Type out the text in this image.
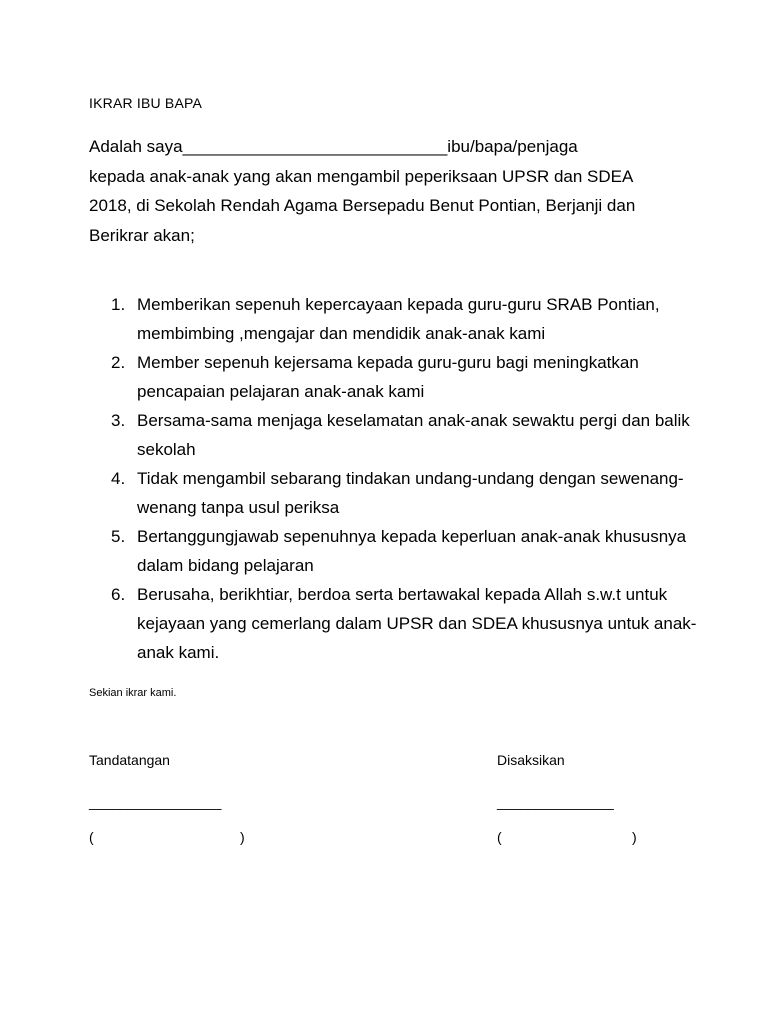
IKRAR IBU BAPA
Adalah saya____________________________ibu/bapa/penjaga
kepada anak-anak yang akan mengambil peperiksaan UPSR dan SDEA
2018, di Sekolah Rendah Agama Bersepadu Benut Pontian, Berjanji dan
Berikrar akan;
1. Memberikan sepenuh kepercayaan kepada guru-guru SRAB Pontian, membimbing ,mengajar dan mendidik anak-anak kami
2. Member sepenuh kejersama kepada guru-guru bagi meningkatkan pencapaian pelajaran anak-anak kami
3. Bersama-sama menjaga keselamatan anak-anak sewaktu pergi dan balik sekolah
4. Tidak mengambil sebarang tindakan undang-undang dengan sewenang-wenang tanpa usul periksa
5. Bertanggungjawab sepenuhnya kepada keperluan anak-anak khususnya dalam bidang pelajaran
6. Berusaha, berikhtiar, berdoa serta bertawakal kepada Allah s.w.t untuk kejayaan yang cemerlang dalam UPSR dan SDEA khususnya untuk anak-anak kami.
Sekian ikrar kami.
Tandatangan
_________________
(	)
Disaksikan
_______________
(	)
